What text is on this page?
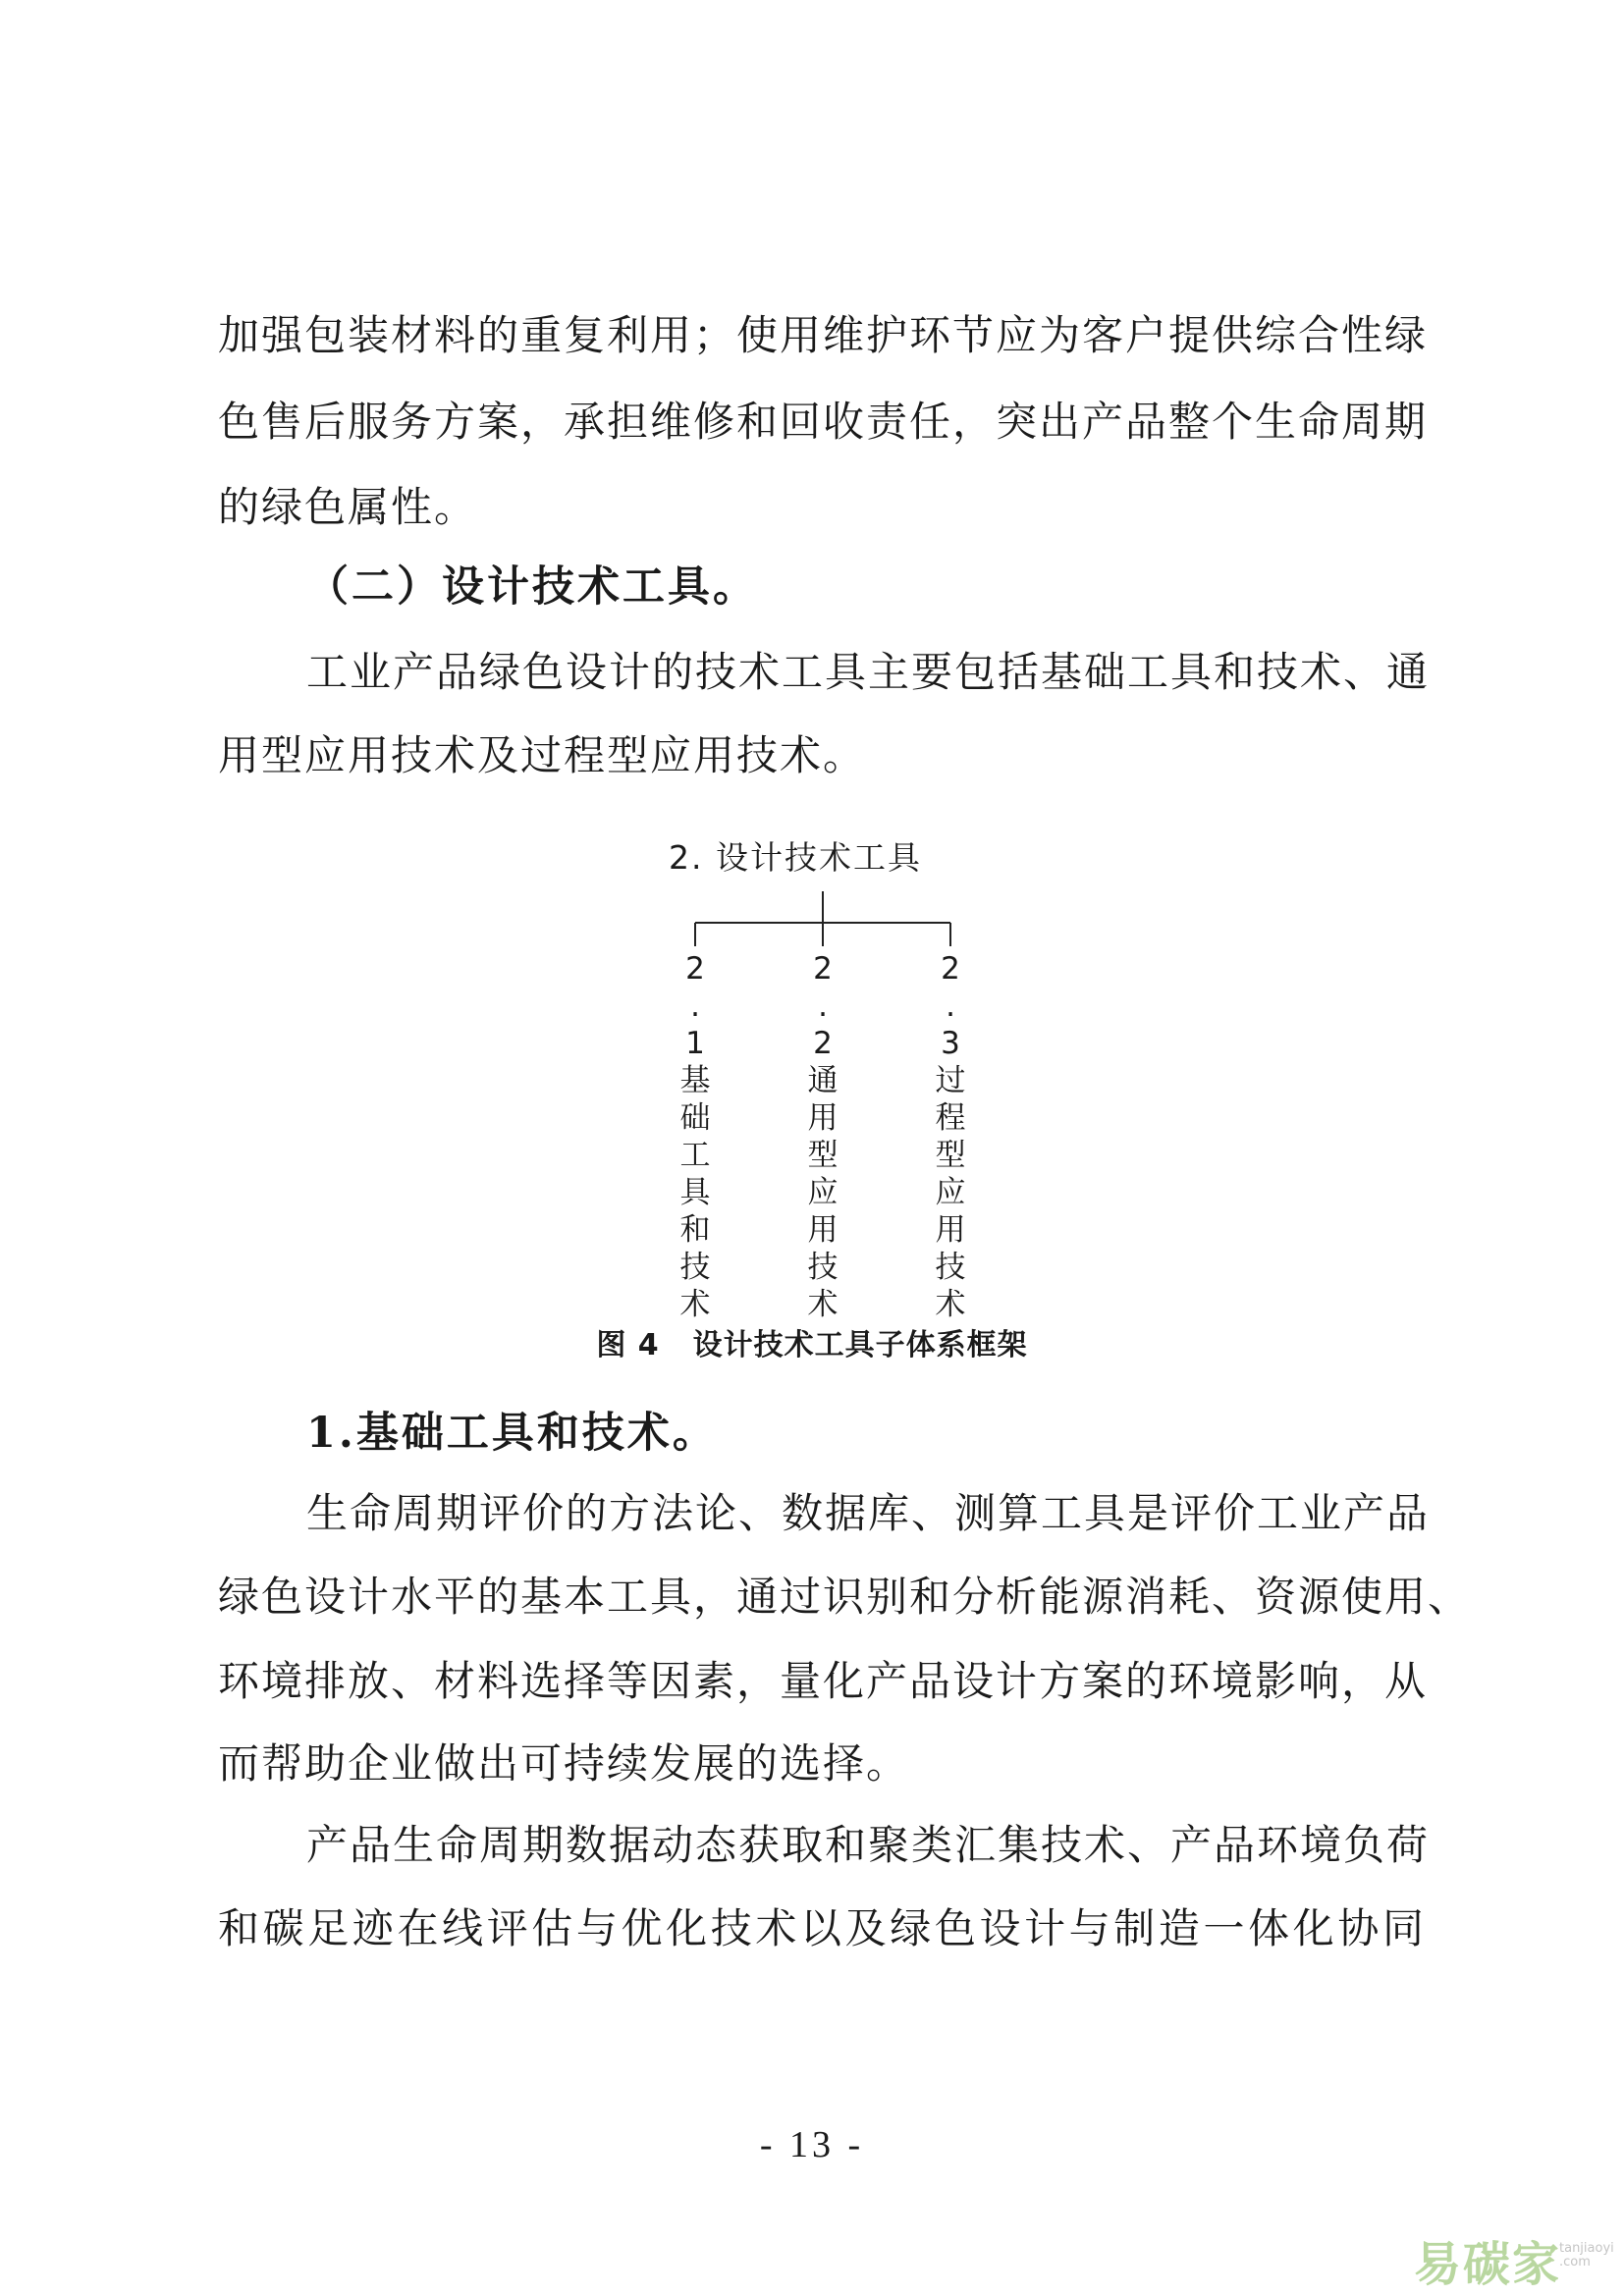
加强包装材料的重复利用；使用维护环节应为客户提供综合性绿
色售后服务方案，承担维修和回收责任，突出产品整个生命周期
的绿色属性。
（二）设计技术工具。
工业产品绿色设计的技术工具主要包括基础工具和技术、通
用型应用技术及过程型应用技术。
2. 设计技术工具
2
.
1
基
础
工
具
和
技
术
2
.
2
通
用
型
应
用
技
术
2
.
3
过
程
型
应
用
技
术
图 4 设计技术工具子体系框架
1.基础工具和技术。
生命周期评价的方法论、数据库、测算工具是评价工业产品
绿色设计水平的基本工具，通过识别和分析能源消耗、资源使用、
环境排放、材料选择等因素，量化产品设计方案的环境影响，从
而帮助企业做出可持续发展的选择。
产品生命周期数据动态获取和聚类汇集技术、产品环境负荷
和碳足迹在线评估与优化技术以及绿色设计与制造一体化协同
- 13 -
易碳家
tanjiaoyi
.com
